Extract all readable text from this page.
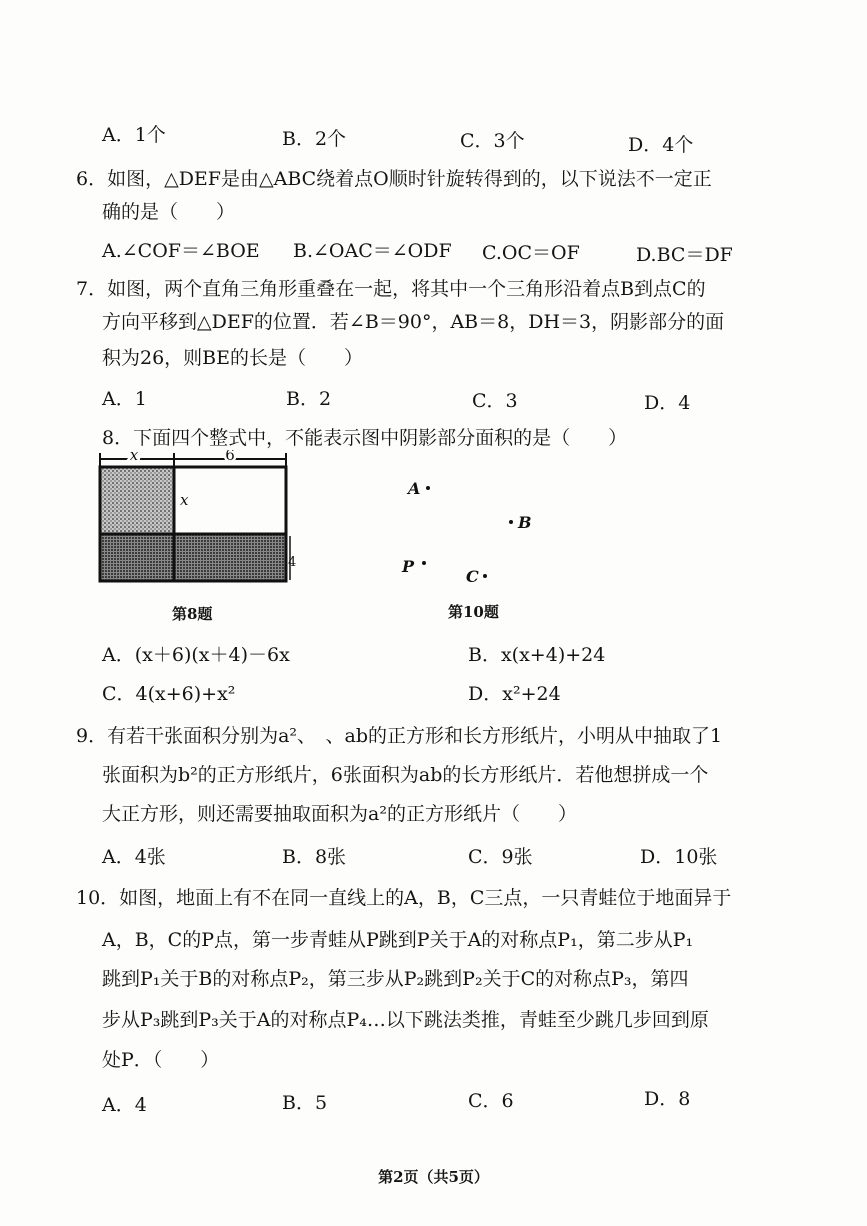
A．1个	B．2个	C．3个	D．4个
6．如图，△DEF是由△ABC绕着点O顺时针旋转得到的，以下说法不一定正
确的是（　　）
A.∠COF＝∠BOE B.∠OAC＝∠ODF C.OC＝OF	D.BC＝DF
7．如图，两个直角三角形重叠在一起，将其中一个三角形沿着点B到点C的
方向平移到△DEF的位置．若∠B＝90°，AB＝8，DH＝3，阴影部分的面
积为26，则BE的长是（　　）
A．1	B．2	C．3	D．4
8．下面四个整式中，不能表示图中阴影部分面积的是（　　）
x	6
x
4
第8题
A
B
P
C
第10题
A．(x＋6)(x＋4)－6x	B．x(x+4)+24
C．4(x+6)+x²	D．x²+24
9．有若干张面积分别为a²、　、ab的正方形和长方形纸片，小明从中抽取了1
张面积为b²的正方形纸片，6张面积为ab的长方形纸片．若他想拼成一个
大正方形，则还需要抽取面积为a²的正方形纸片（　　）
A．4张	B．8张	C．9张	D．10张
10．如图，地面上有不在同一直线上的A，B，C三点，一只青蛙位于地面异于
A，B，C的P点，第一步青蛙从P跳到P关于A的对称点P₁，第二步从P₁
跳到P₁关于B的对称点P₂，第三步从P₂跳到P₂关于C的对称点P₃，第四
步从P₃跳到P₃关于A的对称点P₄…以下跳法类推，青蛙至少跳几步回到原
处P．（　　）
A．4	B．5	C．6	D．8
第2页（共5页）
